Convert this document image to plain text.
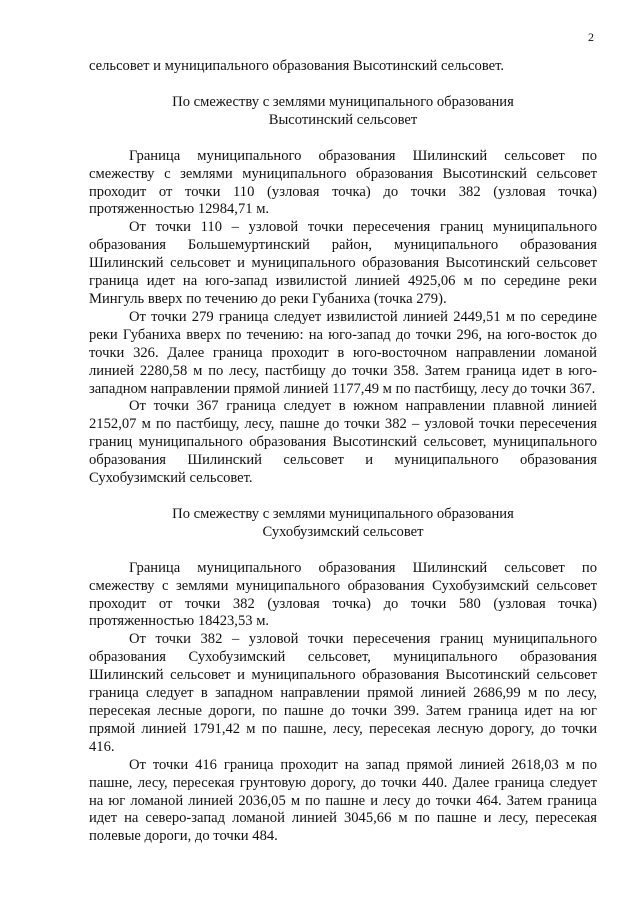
2

сельсовет и муниципального образования Высотинский сельсовет.

По смежеству с землями муниципального образования

Высотинский сельсовет

Граница муниципального образования Шилинский сельсовет по смежеству с землями муниципального образования Высотинский сельсовет проходит от точки 110 (узловая точка) до точки 382 (узловая точка) протяженностью 12984,71 м.

От точки 110 – узловой точки пересечения границ муниципального образования Большемуртинский район, муниципального образования Шилинский сельсовет и муниципального образования Высотинский сельсовет граница идет на юго-запад извилистой линией 4925,06 м по середине реки Мингуль вверх по течению до реки Губаниха (точка 279).

От точки 279 граница следует извилистой линией 2449,51 м по середине реки Губаниха вверх по течению: на юго-запад до точки 296, на юго-восток до точки 326. Далее граница проходит в юго-восточном направлении ломаной линией 2280,58 м по лесу, пастбищу до точки 358. Затем граница идет в юго-западном направлении прямой линией 1177,49 м по пастбищу, лесу до точки 367.

От точки 367 граница следует в южном направлении плавной линией 2152,07 м по пастбищу, лесу, пашне до точки 382 – узловой точки пересечения границ муниципального образования Высотинский сельсовет, муниципального образования Шилинский сельсовет и муниципального образования Сухобузимский сельсовет.

По смежеству с землями муниципального образования

Сухобузимский сельсовет

Граница муниципального образования Шилинский сельсовет по смежеству с землями муниципального образования Сухобузимский сельсовет проходит от точки 382 (узловая точка) до точки 580 (узловая точка) протяженностью 18423,53 м.

От точки 382 – узловой точки пересечения границ муниципального образования Сухобузимский сельсовет, муниципального образования Шилинский сельсовет и муниципального образования Высотинский сельсовет граница следует в западном направлении прямой линией 2686,99 м по лесу, пересекая лесные дороги, по пашне до точки 399. Затем граница идет на юг прямой линией 1791,42 м по пашне, лесу, пересекая лесную дорогу, до точки 416.

От точки 416 граница проходит на запад прямой линией 2618,03 м по пашне, лесу, пересекая грунтовую дорогу, до точки 440. Далее граница следует на юг ломаной линией 2036,05 м по пашне и лесу до точки 464. Затем граница идет на северо-запад ломаной линией 3045,66 м по пашне и лесу, пересекая полевые дороги, до точки 484.
